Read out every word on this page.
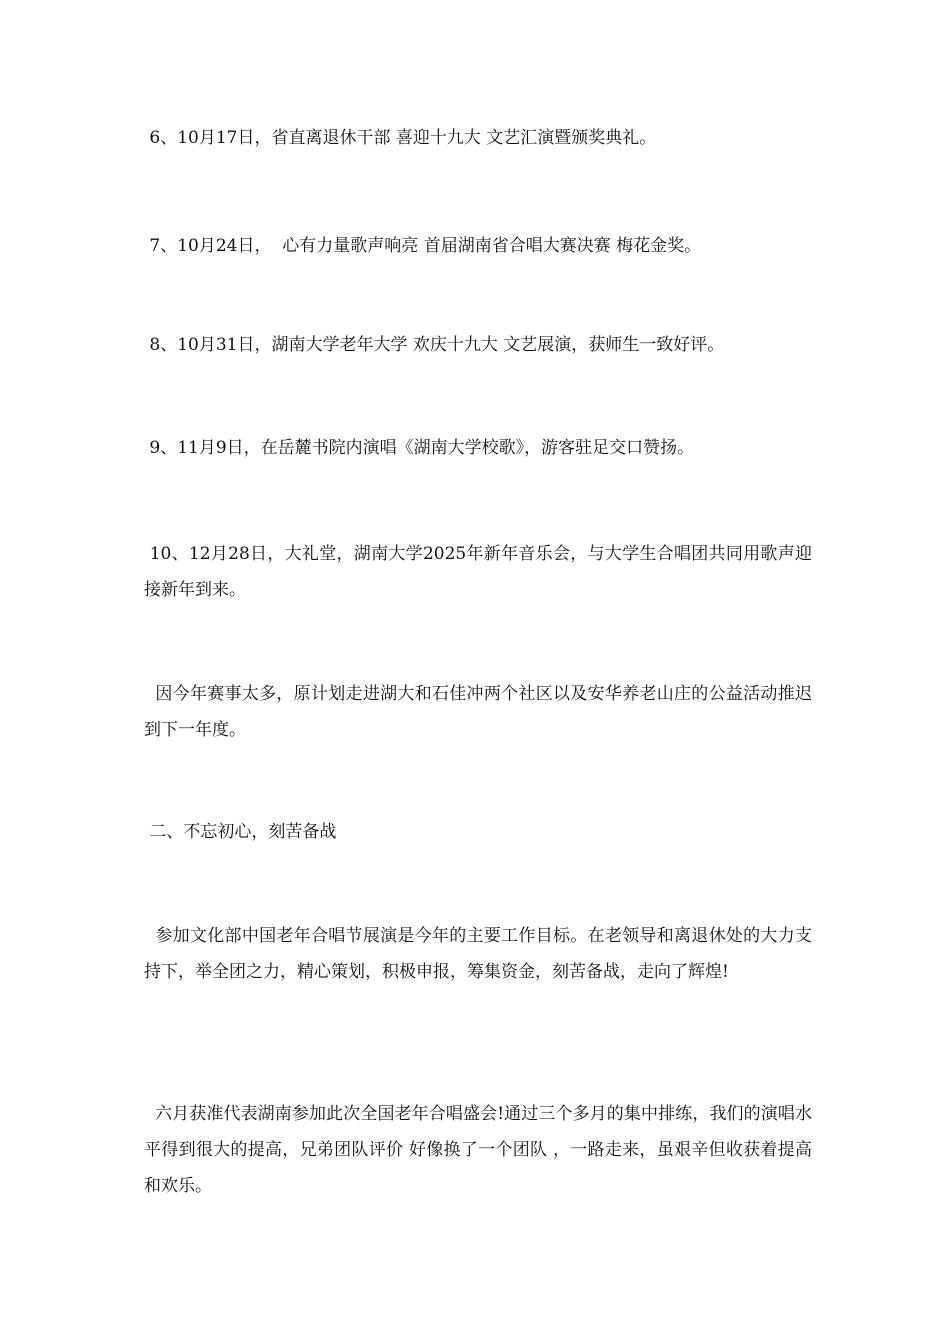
6、10月17日，省直离退休干部 喜迎十九大 文艺汇演暨颁奖典礼。

7、10月24日，  心有力量歌声响亮 首届湖南省合唱大赛决赛 梅花金奖。

8、10月31日，湖南大学老年大学 欢庆十九大 文艺展演，获师生一致好评。

9、11月9日，在岳麓书院内演唱《湖南大学校歌》，游客驻足交口赞扬。

10、12月28日，大礼堂，湖南大学2025年新年音乐会，与大学生合唱团共同用歌声迎接新年到来。

因今年赛事太多，原计划走进湖大和石佳冲两个社区以及安华养老山庄的公益活动推迟到下一年度。

二、不忘初心，刻苦备战

参加文化部中国老年合唱节展演是今年的主要工作目标。在老领导和离退休处的大力支持下，举全团之力，精心策划，积极申报，筹集资金，刻苦备战，走向了辉煌!

六月获准代表湖南参加此次全国老年合唱盛会!通过三个多月的集中排练，我们的演唱水平得到很大的提高，兄弟团队评价 好像换了一个团队 ，一路走来，虽艰辛但收获着提高和欢乐。
